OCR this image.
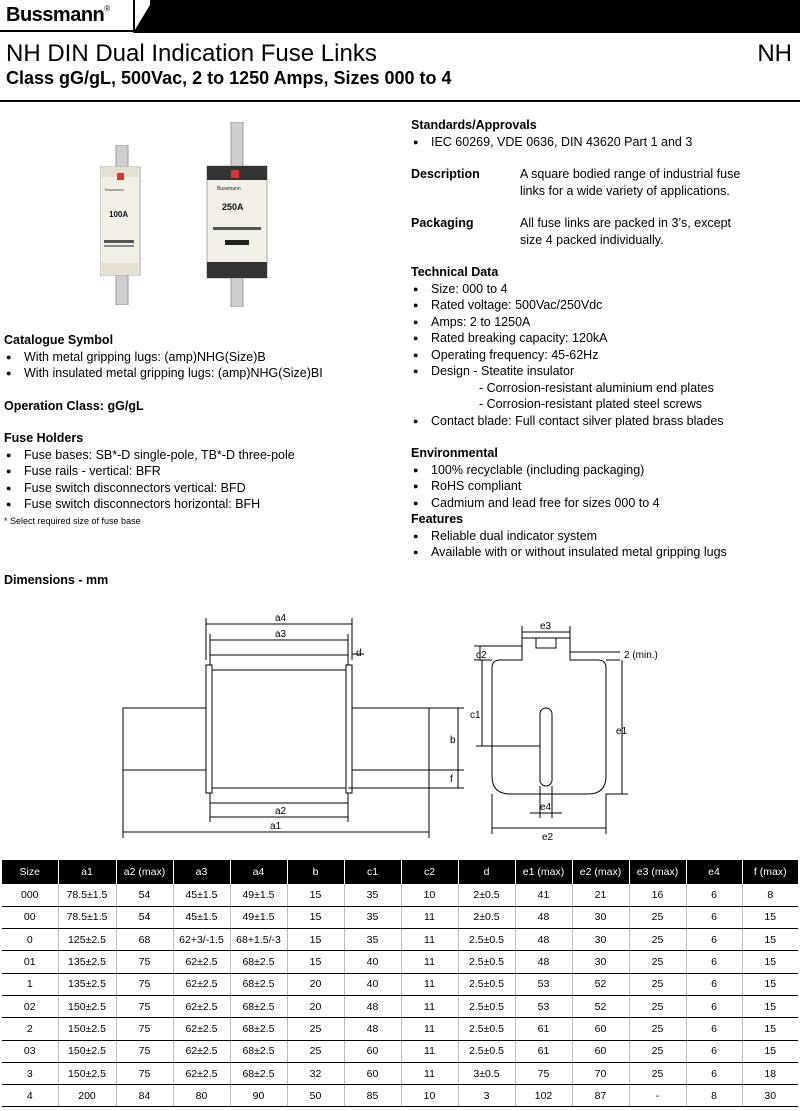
Bussmann®
NH DIN Dual Indication Fuse Links	NH
Class gG/gL, 500Vac, 2 to 1250 Amps, Sizes 000 to 4
Bussmann
100A
Bussmann
250A
Catalogue Symbol
● With metal gripping lugs: (amp)NHG(Size)B
● With insulated metal gripping lugs: (amp)NHG(Size)BI
Operation Class: gG/gL
Fuse Holders
● Fuse bases: SB*-D single-pole, TB*-D three-pole
● Fuse rails - vertical: BFR
● Fuse switch disconnectors vertical: BFD
● Fuse switch disconnectors horizontal: BFH
* Select required size of fuse base
Standards/Approvals
● IEC 60269, VDE 0636, DIN 43620 Part 1 and 3
Description	A square bodied range of industrial fuse
links for a wide variety of applications.
Packaging	All fuse links are packed in 3’s, except
size 4 packed individually.
Technical Data
● Size: 000 to 4
● Rated voltage: 500Vac/250Vdc
● Amps: 2 to 1250A
● Rated breaking capacity: 120kA
● Operating frequency: 45-62Hz
● Design - Steatite insulator
- Corrosion-resistant aluminium end plates
- Corrosion-resistant plated steel screws
● Contact blade: Full contact silver plated brass blades
Environmental
● 100% recyclable (including packaging)
● RoHS compliant
● Cadmium and lead free for sizes 000 to 4
Features
● Reliable dual indicator system
● Available with or without insulated metal gripping lugs
Dimensions - mm
a4
a3
d
b
f
a2
a1
e3
c2
c1
2 (min.)
e1
e4
e2
Size	a1	a2 (max)	a3	a4	b	c1	c2	d	e1 (max)	e2 (max)	e3 (max)	e4	f (max)
000	78.5±1.5	54	45±1.5	49±1.5	15	35	10	2±0.5	41	21	16	6	8
00	78.5±1.5	54	45±1.5	49±1.5	15	35	11	2±0.5	48	30	25	6	15
0	125±2.5	68	62+3/-1.5	68+1.5/-3	15	35	11	2.5±0.5	48	30	25	6	15
01	135±2.5	75	62±2.5	68±2.5	15	40	11	2.5±0.5	48	30	25	6	15
1	135±2.5	75	62±2.5	68±2.5	20	40	11	2.5±0.5	53	52	25	6	15
02	150±2.5	75	62±2.5	68±2.5	20	48	11	2.5±0.5	53	52	25	6	15
2	150±2.5	75	62±2.5	68±2.5	25	48	11	2.5±0.5	61	60	25	6	15
03	150±2.5	75	62±2.5	68±2.5	25	60	11	2.5±0.5	61	60	25	6	15
3	150±2.5	75	62±2.5	68±2.5	32	60	11	3±0.5	75	70	25	6	18
4	200	84	80	90	50	85	10	3	102	87	-	8	30
